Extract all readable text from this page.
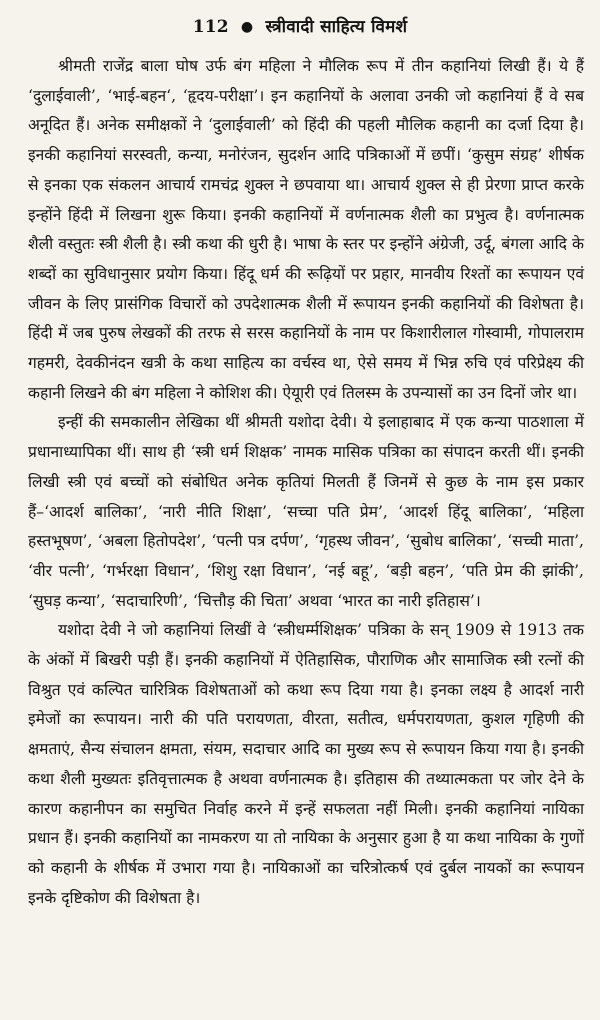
112 ● स्त्रीवादी साहित्य विमर्श

श्रीमती राजेंद्र बाला घोष उर्फ बंग महिला ने मौलिक रूप में तीन कहानियां लिखी हैं। ये हैं ‘दुलाईवाली’, ‘भाई-बहन‘, ‘हृदय-परीक्षा’। इन कहानियों के अलावा उनकी जो कहानियां हैं वे सब अनूदित हैं। अनेक समीक्षकों ने ‘दुलाईवाली’ को हिंदी की पहली मौलिक कहानी का दर्जा दिया है। इनकी कहानियां सरस्वती, कन्या, मनोरंजन, सुदर्शन आदि पत्रिकाओं में छपीं। ‘कुसुम संग्रह’ शीर्षक से इनका एक संकलन आचार्य रामचंद्र शुक्ल ने छपवाया था। आचार्य शुक्ल से ही प्रेरणा प्राप्त करके इन्होंने हिंदी में लिखना शुरू किया। इनकी कहानियों में वर्णनात्मक शैली का प्रभुत्व है। वर्णनात्मक शैली वस्तुतः स्त्री शैली है। स्त्री कथा की धुरी है। भाषा के स्तर पर इन्होंने अंग्रेजी, उर्दू, बंगला आदि के शब्दों का सुविधानुसार प्रयोग किया। हिंदू धर्म की रूढ़ियों पर प्रहार, मानवीय रिश्तों का रूपायन एवं जीवन के लिए प्रासंगिक विचारों को उपदेशात्मक शैली में रूपायन इनकी कहानियों की विशेषता है। हिंदी में जब पुरुष लेखकों की तरफ से सरस कहानियों के नाम पर किशारीलाल गोस्वामी, गोपालराम गहमरी, देवकीनंदन खत्री के कथा साहित्य का वर्चस्व था, ऐसे समय में भिन्न रुचि एवं परिप्रेक्ष्य की कहानी लिखने की बंग महिला ने कोशिश की। ऐयूारी एवं तिलस्म के उपन्यासों का उन दिनों जोर था।

इन्हीं की समकालीन लेखिका थीं श्रीमती यशोदा देवी। ये इलाहाबाद में एक कन्या पाठशाला में प्रधानाध्यापिका थीं। साथ ही ‘स्त्री धर्म शिक्षक’ नामक मासिक पत्रिका का संपादन करती थीं। इनकी लिखी स्त्री एवं बच्चों को संबोधित अनेक कृतियां मिलती हैं जिनमें से कुछ के नाम इस प्रकार हैं–‘आदर्श बालिका’, ‘नारी नीति शिक्षा’, ‘सच्चा पति प्रेम’, ‘आदर्श हिंदू बालिका’, ‘महिला हस्तभूषण’, ‘अबला हितोपदेश’, ‘पत्नी पत्र दर्पण’, ‘गृहस्थ जीवन’, ‘सुबोध बालिका’, ‘सच्ची माता’, ‘वीर पत्नी’, ‘गर्भरक्षा विधान’, ‘शिशु रक्षा विधान’, ‘नई बहू’, ‘बड़ी बहन’, ‘पति प्रेम की झांकी’, ‘सुघड़ कन्या’, ‘सदाचारिणी’, ‘चित्तौड़ की चिता’ अथवा ‘भारत का नारी इतिहास’।

यशोदा देवी ने जो कहानियां लिखीं वे ‘स्त्रीधर्म्मशिक्षक’ पत्रिका के सन् 1909 से 1913 तक के अंकों में बिखरी पड़ी हैं। इनकी कहानियों में ऐतिहासिक, पौराणिक और सामाजिक स्त्री रत्नों की विश्रुत एवं कल्पित चारित्रिक विशेषताओं को कथा रूप दिया गया है। इनका लक्ष्य है आदर्श नारी इमेजों का रूपायन। नारी की पति परायणता, वीरता, सतीत्व, धर्मपरायणता, कुशल गृहिणी की क्षमताएं, सैन्य संचालन क्षमता, संयम, सदाचार आदि का मुख्य रूप से रूपायन किया गया है। इनकी कथा शैली मुख्यतः इतिवृत्तात्मक है अथवा वर्णनात्मक है। इतिहास की तथ्यात्मकता पर जोर देने के कारण कहानीपन का समुचित निर्वाह करने में इन्हें सफलता नहीं मिली। इनकी कहानियां नायिका प्रधान हैं। इनकी कहानियों का नामकरण या तो नायिका के अनुसार हुआ है या कथा नायिका के गुणों को कहानी के शीर्षक में उभारा गया है। नायिकाओं का चरित्रोत्कर्ष एवं दुर्बल नायकों का रूपायन इनके दृष्टिकोण की विशेषता है।
